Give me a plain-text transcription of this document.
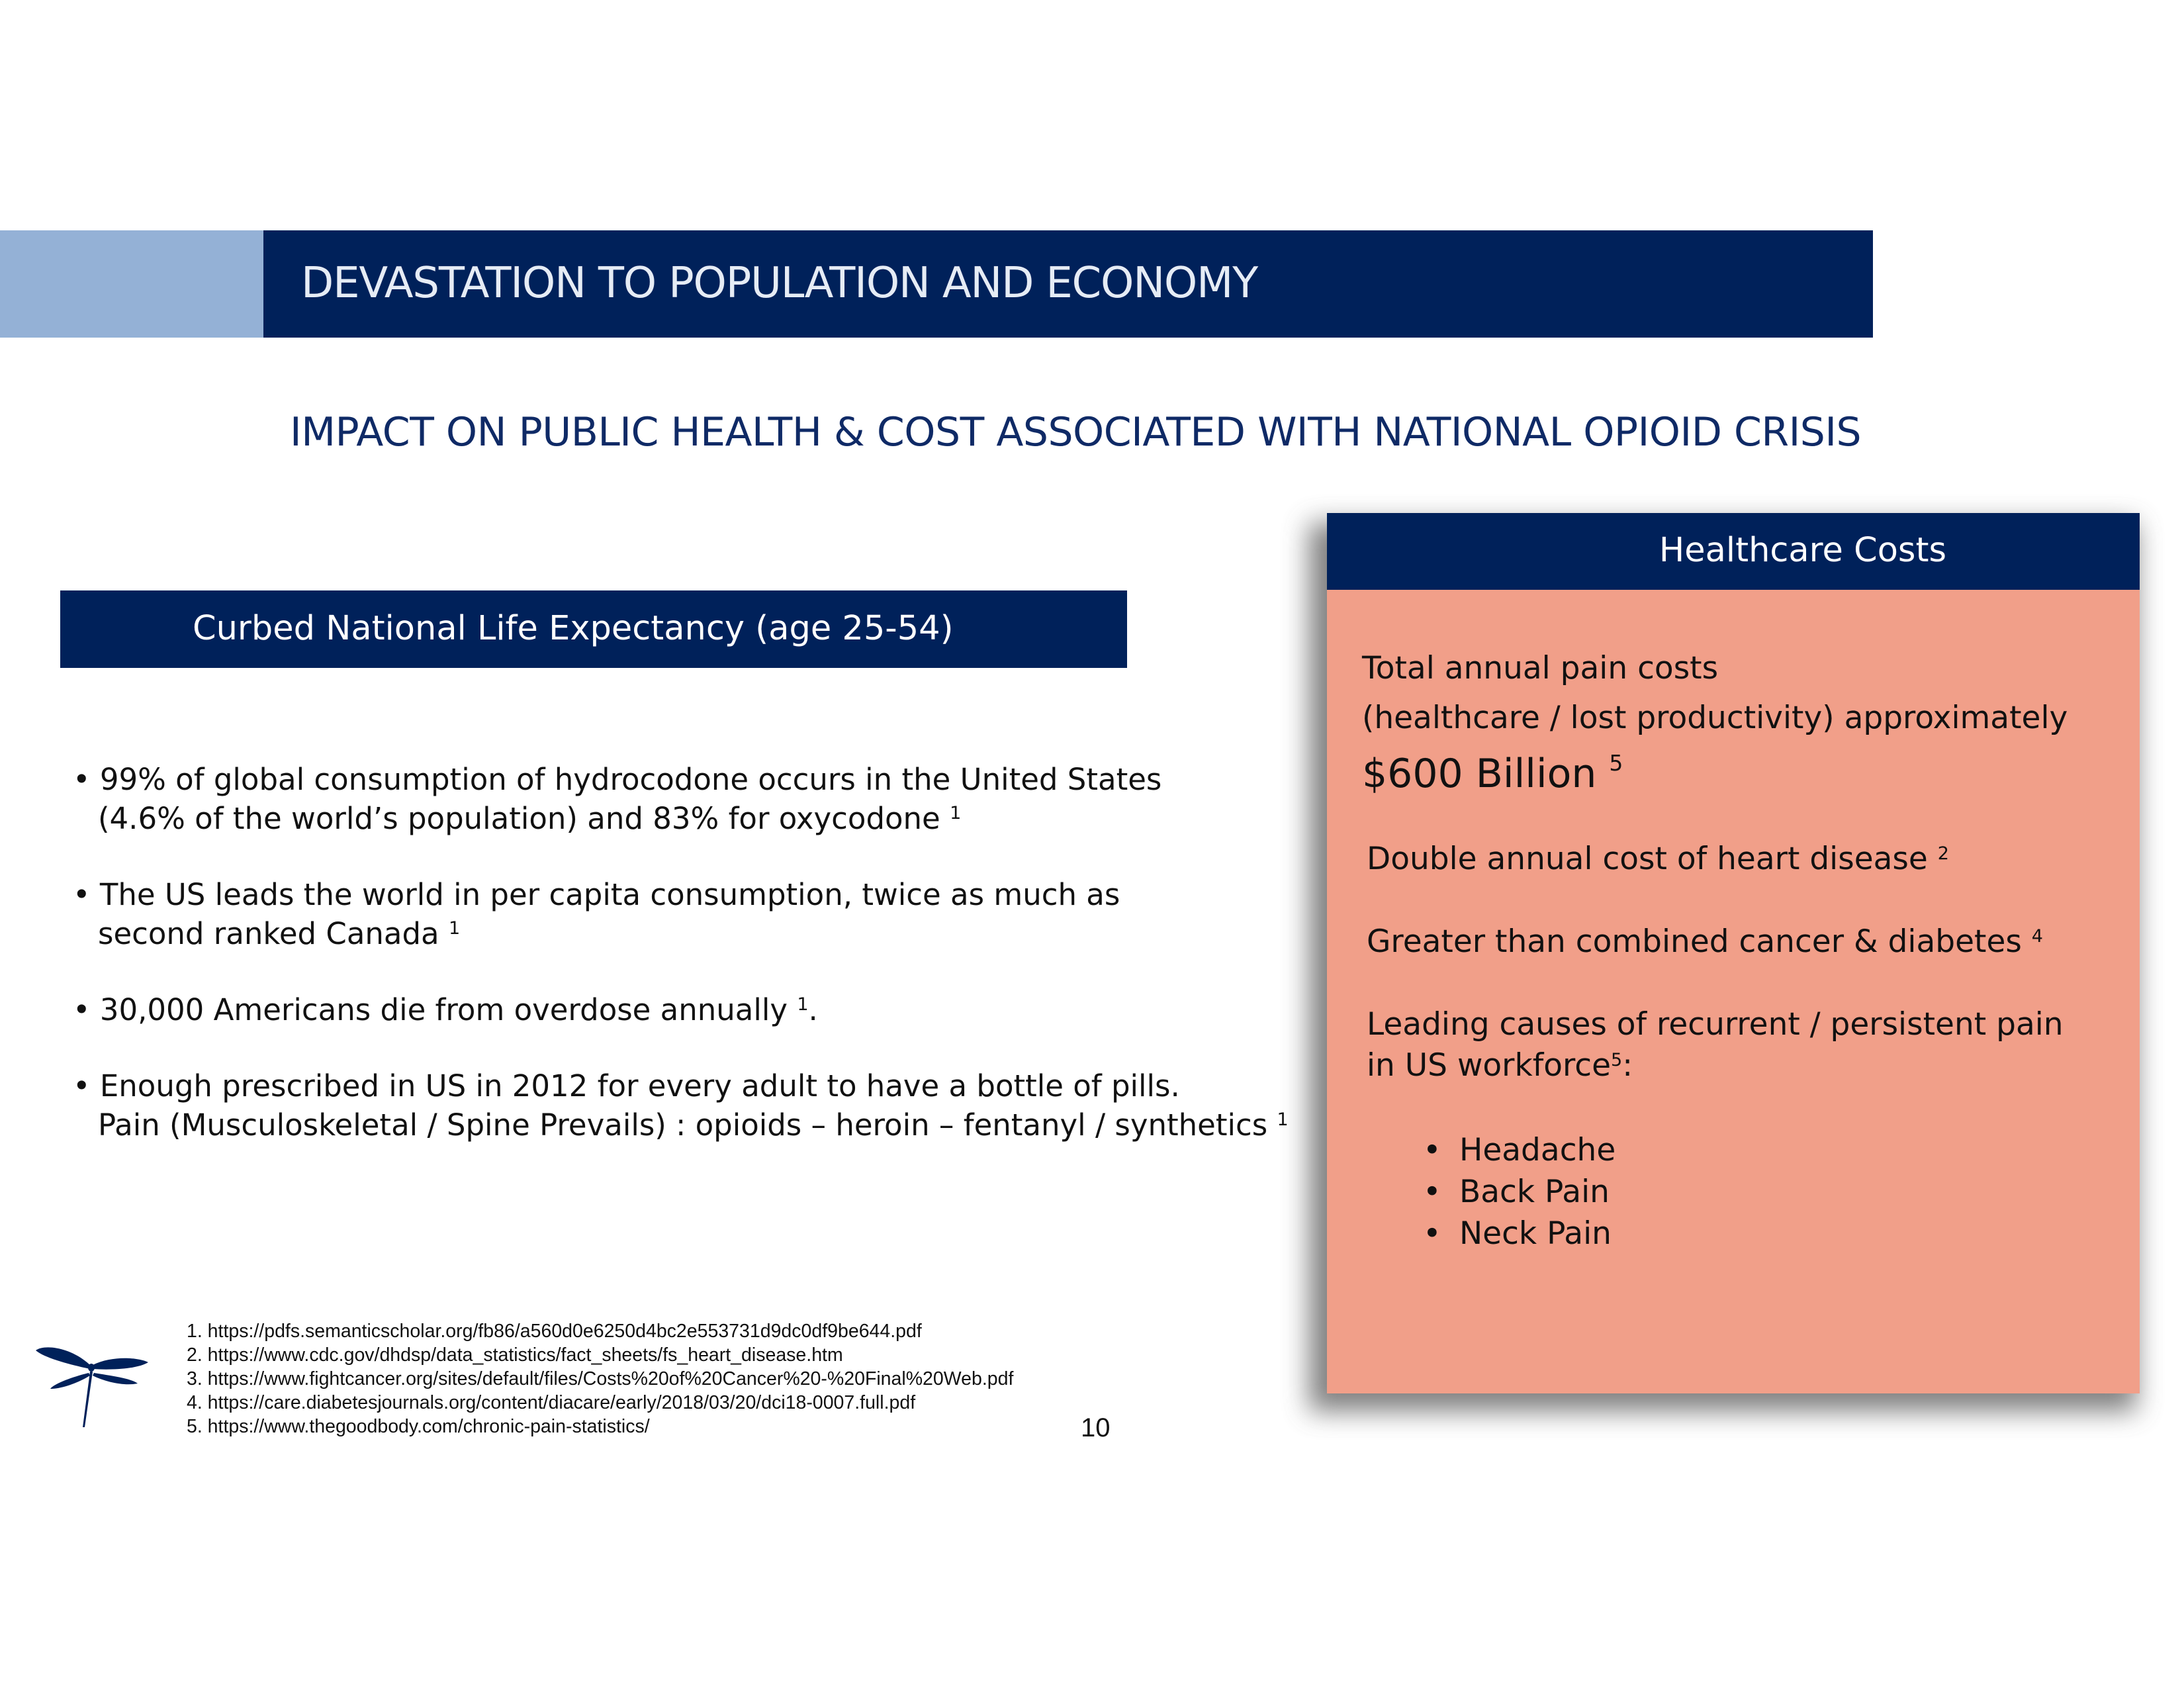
DEVASTATION TO POPULATION AND ECONOMY
IMPACT ON PUBLIC HEALTH & COST ASSOCIATED WITH NATIONAL OPIOID CRISIS
Curbed National Life Expectancy (age 25-54)
• 99% of global consumption of hydrocodone occurs in the United States
(4.6% of the world’s population) and 83% for oxycodone $^1$
• The US leads the world in per capita consumption, twice as much as
second ranked Canada $^1$
• 30,000 Americans die from overdose annually $^1$.
• Enough prescribed in US in 2012 for every adult to have a bottle of pills.
Pain (Musculoskeletal / Spine Prevails) : opioids – heroin – fentanyl / synthetics $^1$
Healthcare Costs
Total annual pain costs
(healthcare / lost productivity) approximately
$600 Billion $^5$
Double annual cost of heart disease $^2$
Greater than combined cancer & diabetes $^4$
Leading causes of recurrent / persistent pain
in US workforce$^5$:
• Headache
• Back Pain
• Neck Pain
1. https://pdfs.semanticscholar.org/fb86/a560d0e6250d4bc2e553731d9dc0df9be644.pdf
2. https://www.cdc.gov/dhdsp/data_statistics/fact_sheets/fs_heart_disease.htm
3. https://www.fightcancer.org/sites/default/files/Costs%20of%20Cancer%20-%20Final%20Web.pdf
4. https://care.diabetesjournals.org/content/diacare/early/2018/03/20/dci18-0007.full.pdf
5. https://www.thegoodbody.com/chronic-pain-statistics/	10
